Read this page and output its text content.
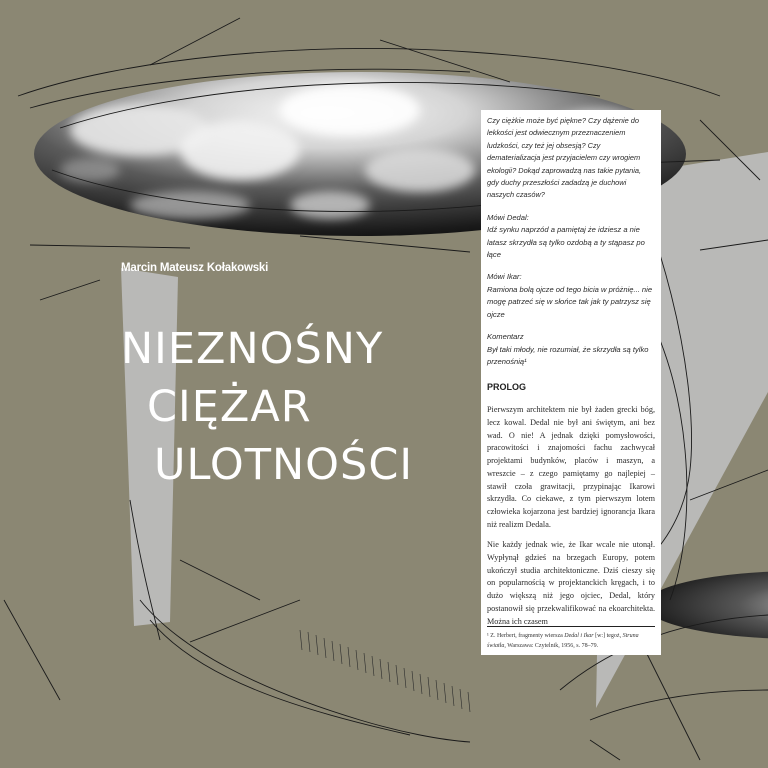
Marcin Mateusz Kołakowski
NIEZNOŚNY
CIĘŻAR
ULOTNOŚCI

Czy ciężkie może być piękne? Czy dążenie do lekkości jest odwiecznym przeznaczeniem ludzkości, czy też jej obsesją? Czy dematerializacja jest przyjacielem czy wrogiem ekologii? Dokąd zaprowadzą nas takie pytania, gdy duchy przeszłości zadadzą je duchowi naszych czasów?

Mówi Dedal:
Idź synku naprzód a pamiętaj że idziesz a nie latasz skrzydła są tylko ozdobą a ty stąpasz po łące

Mówi Ikar:
Ramiona bolą ojcze od tego bicia w próżnię... nie mogę patrzeć się w słońce tak jak ty patrzysz się ojcze

Komentarz
Był taki młody, nie rozumiał, że skrzydła są tylko przenośnią¹

PROLOG

Pierwszym architektem nie był żaden grecki bóg, lecz kowal. Dedal nie był ani świętym, ani bez wad. O nie! A jednak dzięki pomysłowości, pracowitości i znajomości fachu zachwycał projektami budynków, placów i maszyn, a wreszcie – z czego pamiętamy go najlepiej – stawił czoła grawitacji, przypinając Ikarowi skrzydła. Co ciekawe, z tym pierwszym lotem człowieka kojarzona jest bardziej ignorancja Ikara niż realizm Dedala.

Nie każdy jednak wie, że Ikar wcale nie utonął. Wypłynął gdzieś na brzegach Europy, potem ukończył studia architektoniczne. Dziś cieszy się on popularnością w projektanckich kręgach, i to dużo większą niż jego ojciec, Dedal, który postanowił się przekwalifikować na ekoarchitekta. Można ich czasem

¹ Z. Herbert, fragmenty wiersza Dedal i Ikar [w:] tegoż, Struna światła, Warszawa: Czytelnik, 1956, s. 78–79.
